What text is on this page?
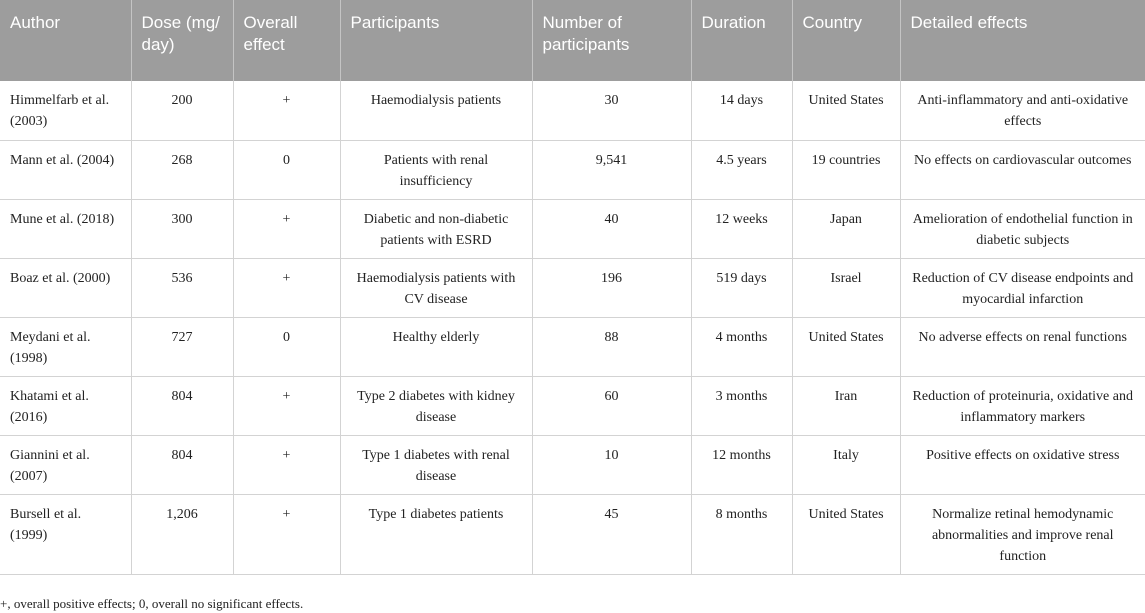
Author	Dose (mg/ day)	Overall effect	Participants	Number of participants	Duration	Country	Detailed effects
Himmelfarb et al. (2003)	200	+	Haemodialysis patients	30	14 days	United States	Anti-inflammatory and anti-oxidative effects
Mann et al. (2004)	268	0	Patients with renal insufficiency	9,541	4.5 years	19 countries	No effects on cardiovascular outcomes
Mune et al. (2018)	300	+	Diabetic and non-diabetic patients with ESRD	40	12 weeks	Japan	Amelioration of endothelial function in diabetic subjects
Boaz et al. (2000)	536	+	Haemodialysis patients with CV disease	196	519 days	Israel	Reduction of CV disease endpoints and myocardial infarction
Meydani et al. (1998)	727	0	Healthy elderly	88	4 months	United States	No adverse effects on renal functions
Khatami et al. (2016)	804	+	Type 2 diabetes with kidney disease	60	3 months	Iran	Reduction of proteinuria, oxidative and inflammatory markers
Giannini et al. (2007)	804	+	Type 1 diabetes with renal disease	10	12 months	Italy	Positive effects on oxidative stress
Bursell et al. (1999)	1,206	+	Type 1 diabetes patients	45	8 months	United States	Normalize retinal hemodynamic abnormalities and improve renal function
+, overall positive effects; 0, overall no significant effects.
